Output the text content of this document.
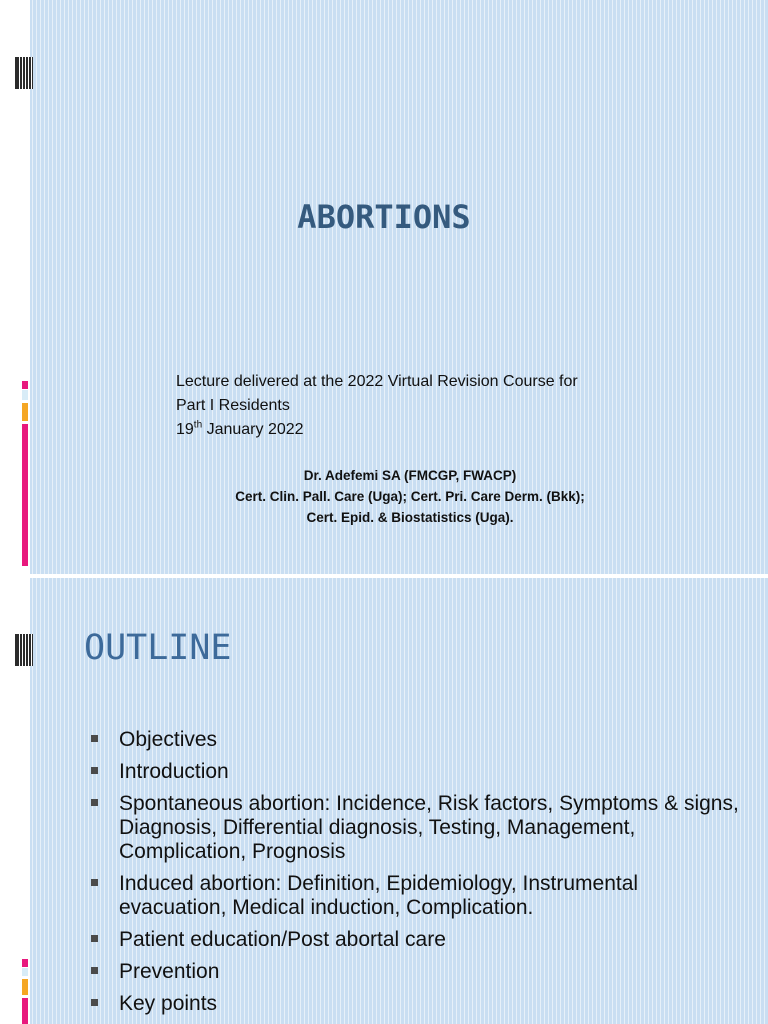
ABORTIONS
Lecture delivered at the 2022 Virtual Revision Course for
Part I Residents
19th January 2022
Dr. Adefemi SA (FMCGP, FWACP)
Cert. Clin. Pall. Care (Uga); Cert. Pri. Care Derm. (Bkk);
Cert. Epid. & Biostatistics (Uga).
OUTLINE
Objectives
Introduction
Spontaneous abortion: Incidence, Risk factors, Symptoms & signs, Diagnosis, Differential diagnosis, Testing, Management, Complication, Prognosis
Induced abortion: Definition, Epidemiology, Instrumental evacuation, Medical induction, Complication.
Patient education/Post abortal care
Prevention
Key points
